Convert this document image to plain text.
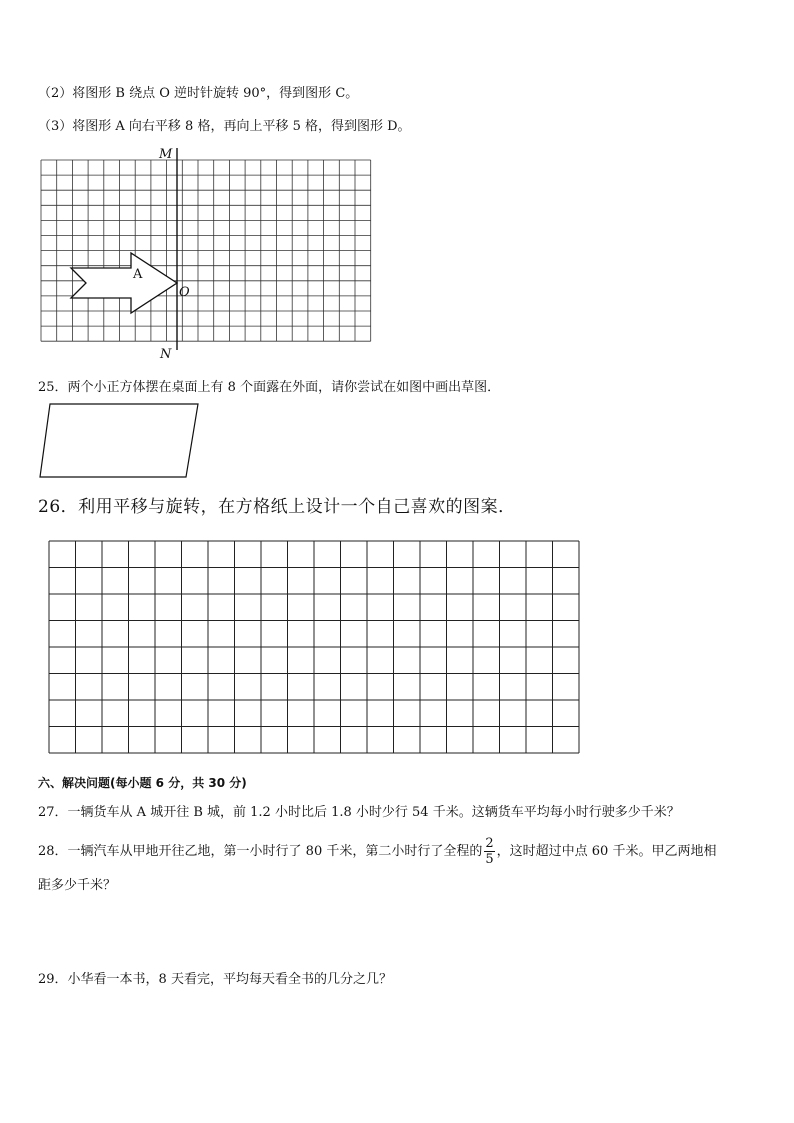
（2）将图形 B 绕点 O 逆时针旋转 90°，得到图形 C。
（3）将图形 A 向右平移 8 格，再向上平移 5 格，得到图形 D。
M
N
O
A
25．两个小正方体摆在桌面上有 8 个面露在外面，请你尝试在如图中画出草图．
26．利用平移与旋转，在方格纸上设计一个自己喜欢的图案．
六、解决问题(每小题 6 分，共 30 分)
27．一辆货车从 A 城开往 B 城，前 1.2 小时比后 1.8 小时少行 54 千米。这辆货车平均每小时行驶多少千米？
28．一辆汽车从甲地开往乙地，第一小时行了 80 千米，第二小时行了全程的 $\frac{2}{5}$ ，这时超过中点 60 千米。甲乙两地相
距多少千米？
29．小华看一本书，8 天看完，平均每天看全书的几分之几？
